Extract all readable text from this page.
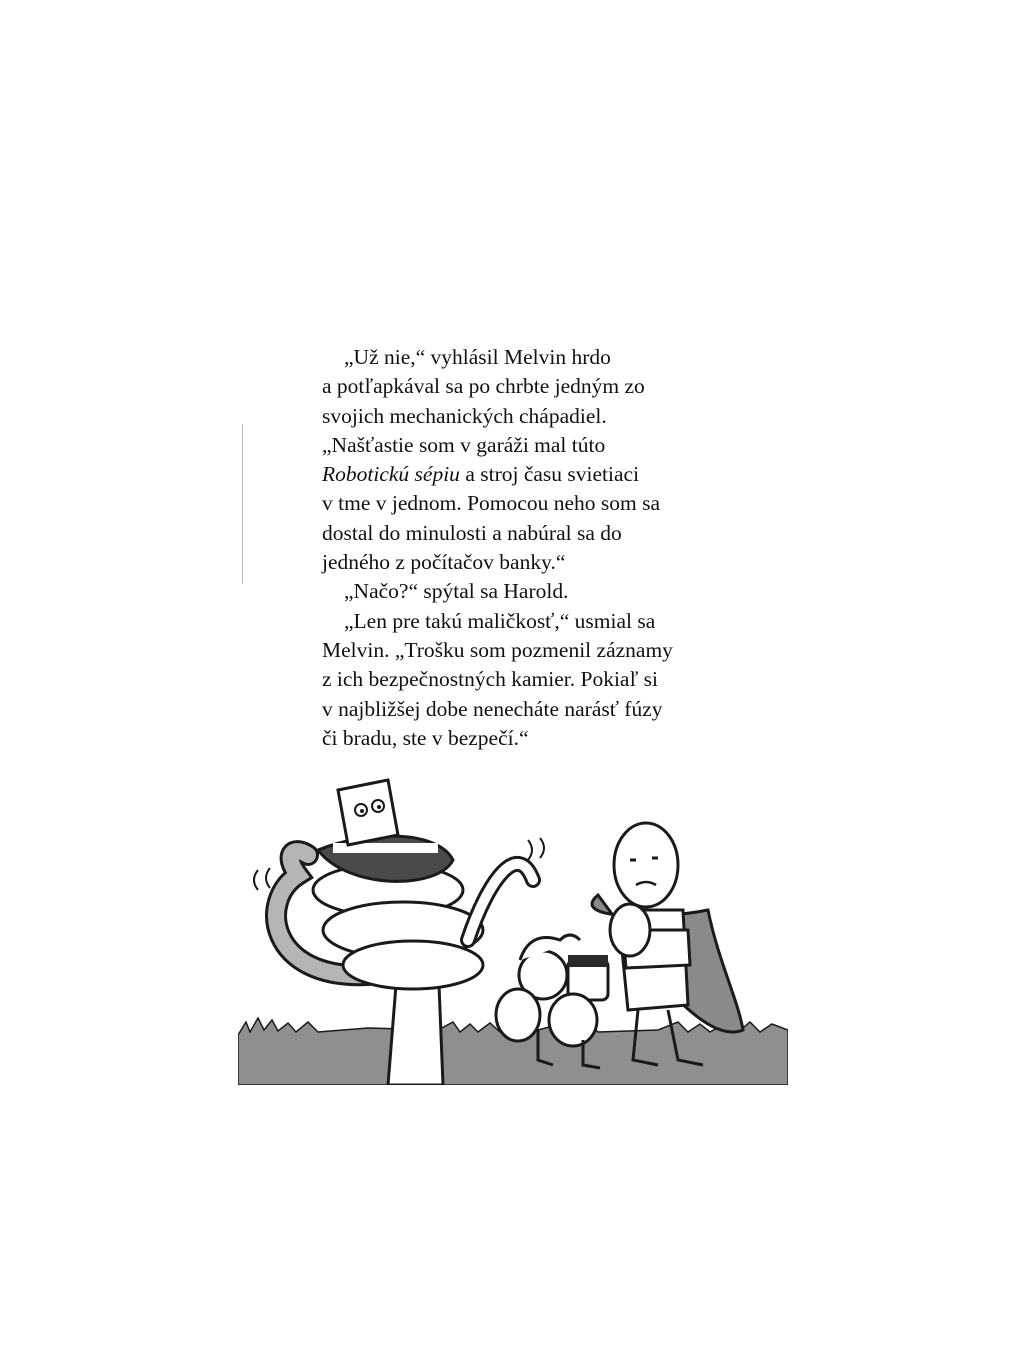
„Už nie,“ vyhlásil Melvin hrdo
a potľapkával sa po chrbte jedným zo
svojich mechanických chápadiel.
„Našťastie som v garáži mal túto
Robotickú sépiu a stroj času svietiaci
v tme v jednom. Pomocou neho som sa
dostal do minulosti a nabúral sa do
jedného z počítačov banky.“
„Načo?“ spýtal sa Harold.
„Len pre takú maličkosť,“ usmial sa
Melvin. „Trošku som pozmenil záznamy
z ich bezpečnostných kamier. Pokiaľ si
v najbližšej dobe nenecháte narásť fúzy
či bradu, ste v bezpečí.“
